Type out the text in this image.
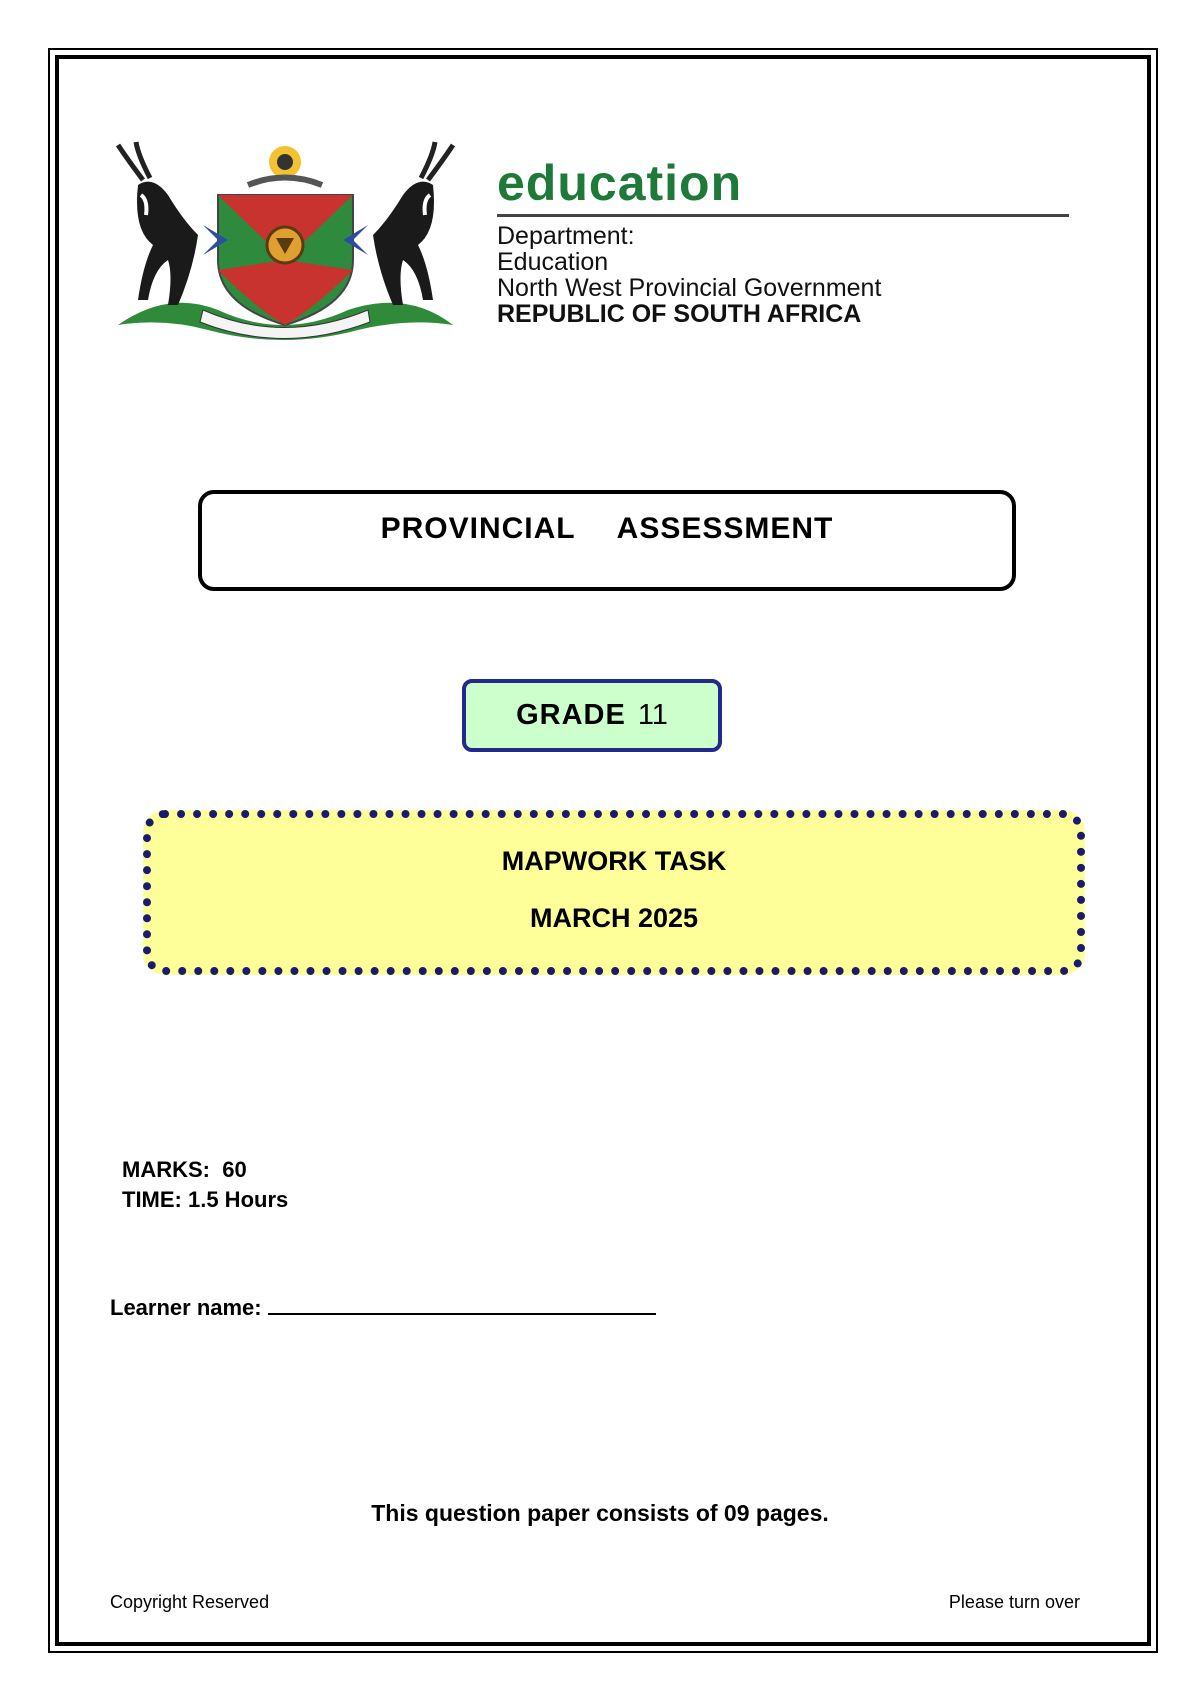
education
Department:
Education
North West Provincial Government
REPUBLIC OF SOUTH AFRICA
PROVINCIAL  ASSESSMENT
GRADE 11
MAPWORK TASK
MARCH 2025
MARKS:  60
TIME: 1.5 Hours
Learner name:
This question paper consists of 09 pages.
Copyright Reserved	Please turn over
